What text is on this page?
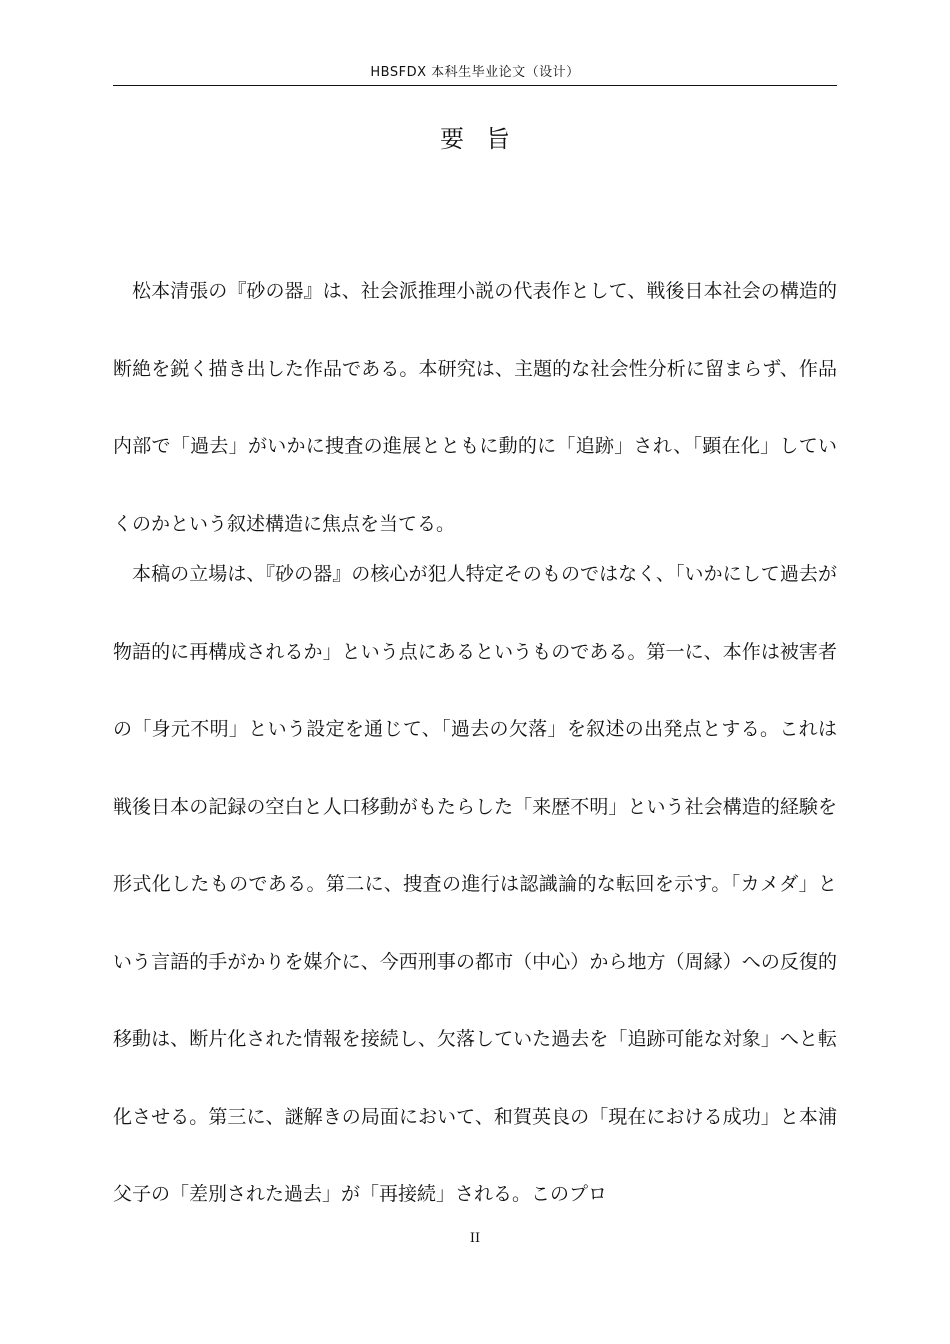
HBSFDX 本科生毕业论文（设计）
要旨

松本清張の『砂の器』は、社会派推理小説の代表作として、戦後日本社会の構造的断絶を鋭く描き出した作品である。本研究は、主題的な社会性分析に留まらず、作品内部で「過去」がいかに捜査の進展とともに動的に「追跡」され、「顕在化」していくのかという叙述構造に焦点を当てる。

本稿の立場は、『砂の器』の核心が犯人特定そのものではなく、「いかにして過去が物語的に再構成されるか」という点にあるというものである。第一に、本作は被害者の「身元不明」という設定を通じて、「過去の欠落」を叙述の出発点とする。これは戦後日本の記録の空白と人口移動がもたらした「来歴不明」という社会構造的経験を形式化したものである。第二に、捜査の進行は認識論的な転回を示す。「カメダ」という言語的手がかりを媒介に、今西刑事の都市（中心）から地方（周縁）への反復的移動は、断片化された情報を接続し、欠落していた過去を「追跡可能な対象」へと転化させる。第三に、謎解きの局面において、和賀英良の「現在における成功」と本浦父子の「差別された過去」が「再接続」される。このプロ

II
